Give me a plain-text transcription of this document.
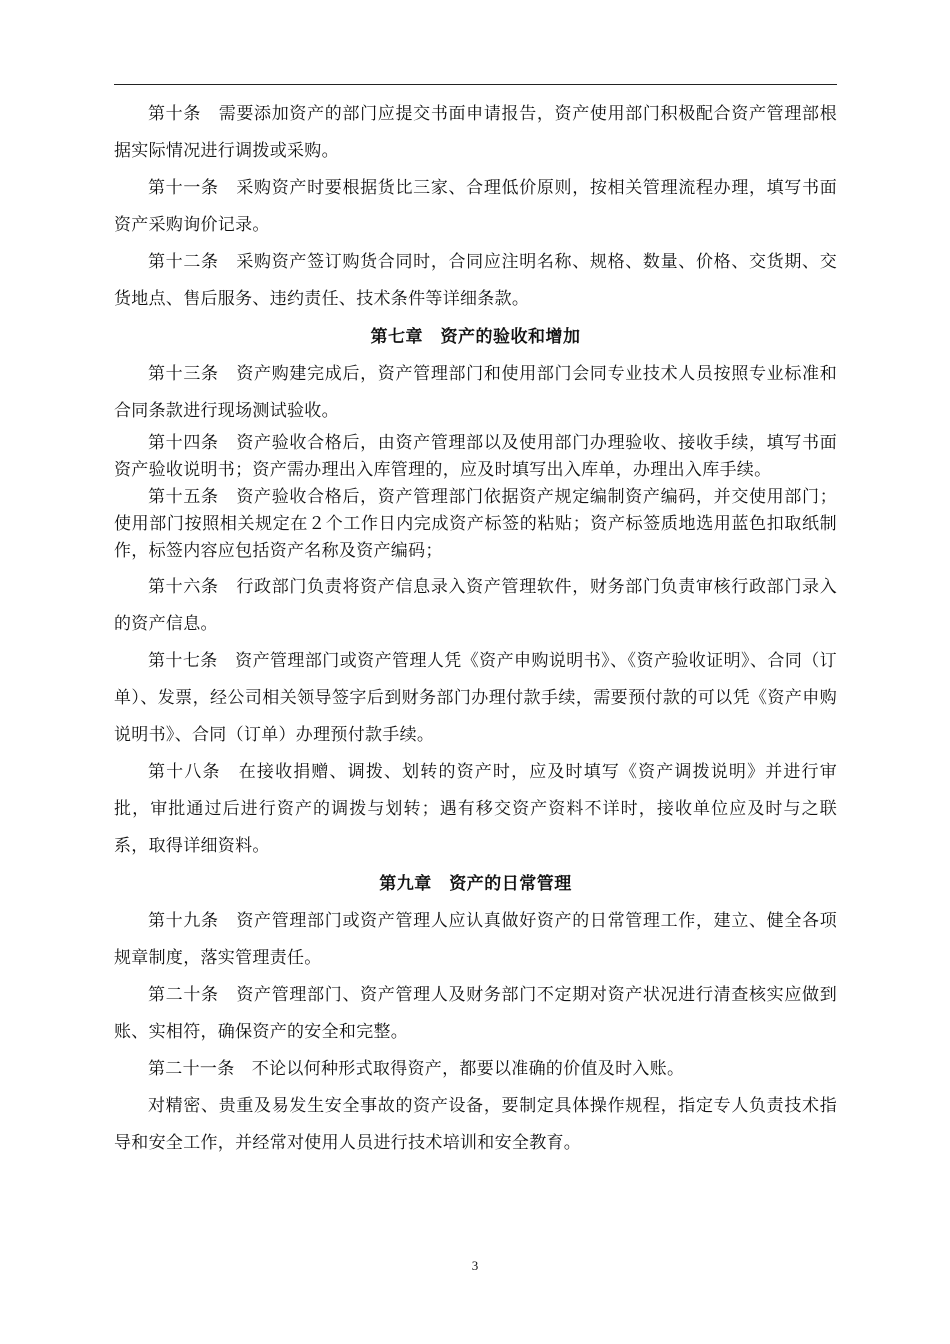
第十条　需要添加资产的部门应提交书面申请报告，资产使用部门积极配合资产管理部根据实际情况进行调拨或采购。

第十一条　采购资产时要根据货比三家、合理低价原则，按相关管理流程办理，填写书面资产采购询价记录。

第十二条　采购资产签订购货合同时，合同应注明名称、规格、数量、价格、交货期、交货地点、售后服务、违约责任、技术条件等详细条款。

第七章　资产的验收和增加

第十三条　资产购建完成后，资产管理部门和使用部门会同专业技术人员按照专业标准和合同条款进行现场测试验收。

第十四条　资产验收合格后，由资产管理部以及使用部门办理验收、接收手续，填写书面资产验收说明书；资产需办理出入库管理的，应及时填写出入库单，办理出入库手续。

第十五条　资产验收合格后，资产管理部门依据资产规定编制资产编码，并交使用部门；使用部门按照相关规定在２个工作日内完成资产标签的粘贴；资产标签质地选用蓝色扣取纸制作，标签内容应包括资产名称及资产编码；

第十六条　行政部门负责将资产信息录入资产管理软件，财务部门负责审核行政部门录入的资产信息。

第十七条　资产管理部门或资产管理人凭《资产申购说明书》、《资产验收证明》、合同（订单）、发票，经公司相关领导签字后到财务部门办理付款手续，需要预付款的可以凭《资产申购说明书》、合同（订单）办理预付款手续。

第十八条　在接收捐赠、调拨、划转的资产时，应及时填写《资产调拨说明》并进行审批，审批通过后进行资产的调拨与划转；遇有移交资产资料不详时，接收单位应及时与之联系，取得详细资料。

第九章　资产的日常管理

第十九条　资产管理部门或资产管理人应认真做好资产的日常管理工作，建立、健全各项规章制度，落实管理责任。

第二十条　资产管理部门、资产管理人及财务部门不定期对资产状况进行清查核实应做到账、实相符，确保资产的安全和完整。

第二十一条　不论以何种形式取得资产，都要以准确的价值及时入账。

对精密、贵重及易发生安全事故的资产设备，要制定具体操作规程，指定专人负责技术指导和安全工作，并经常对使用人员进行技术培训和安全教育。

3
